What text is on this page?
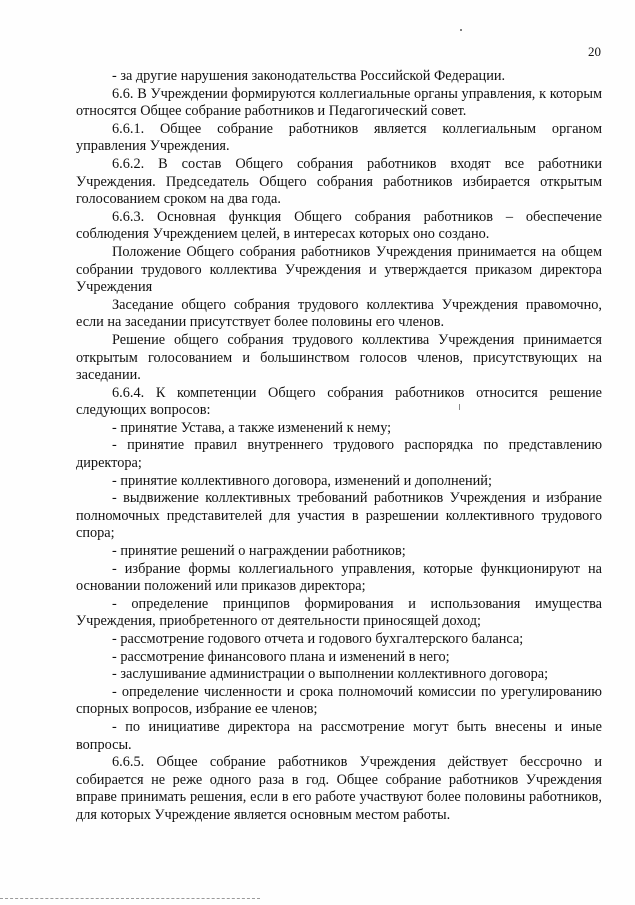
20

- за другие нарушения законодательства Российской Федерации.

6.6. В Учреждении формируются коллегиальные органы управления, к которым относятся Общее собрание работников и Педагогический совет.

6.6.1. Общее собрание работников является коллегиальным органом управления Учреждения.

6.6.2. В состав Общего собрания работников входят все работники Учреждения. Председатель Общего собрания работников избирается открытым голосованием сроком на два года.

6.6.3. Основная функция Общего собрания работников – обеспечение соблюдения Учреждением целей, в интересах которых оно создано.

Положение Общего собрания работников Учреждения принимается на общем собрании трудового коллектива Учреждения и утверждается приказом директора Учреждения

Заседание общего собрания трудового коллектива Учреждения правомочно, если на заседании присутствует более половины его членов.

Решение общего собрания трудового коллектива Учреждения принимается открытым голосованием и большинством голосов членов, присутствующих на заседании.

6.6.4. К компетенции Общего собрания работников относится решение следующих вопросов:

- принятие Устава, а также изменений к нему;

- принятие правил внутреннего трудового распорядка по представлению директора;

- принятие коллективного договора, изменений и дополнений;

- выдвижение коллективных требований работников Учреждения и избрание полномочных представителей для участия в разрешении коллективного трудового спора;

- принятие решений о награждении работников;

- избрание формы коллегиального управления, которые функционируют на основании положений или приказов директора;

- определение принципов формирования и использования имущества Учреждения, приобретенного от деятельности приносящей доход;

- рассмотрение годового отчета и годового бухгалтерского баланса;

- рассмотрение финансового плана и изменений в него;

- заслушивание администрации о выполнении коллективного договора;

- определение численности и срока полномочий комиссии по урегулированию спорных вопросов, избрание ее членов;

- по инициативе директора на рассмотрение могут быть внесены и иные вопросы.

6.6.5. Общее собрание работников Учреждения действует бессрочно и собирается не реже одного раза в год. Общее собрание работников Учреждения вправе принимать решения, если в его работе участвуют более половины работников, для которых Учреждение является основным местом работы.
